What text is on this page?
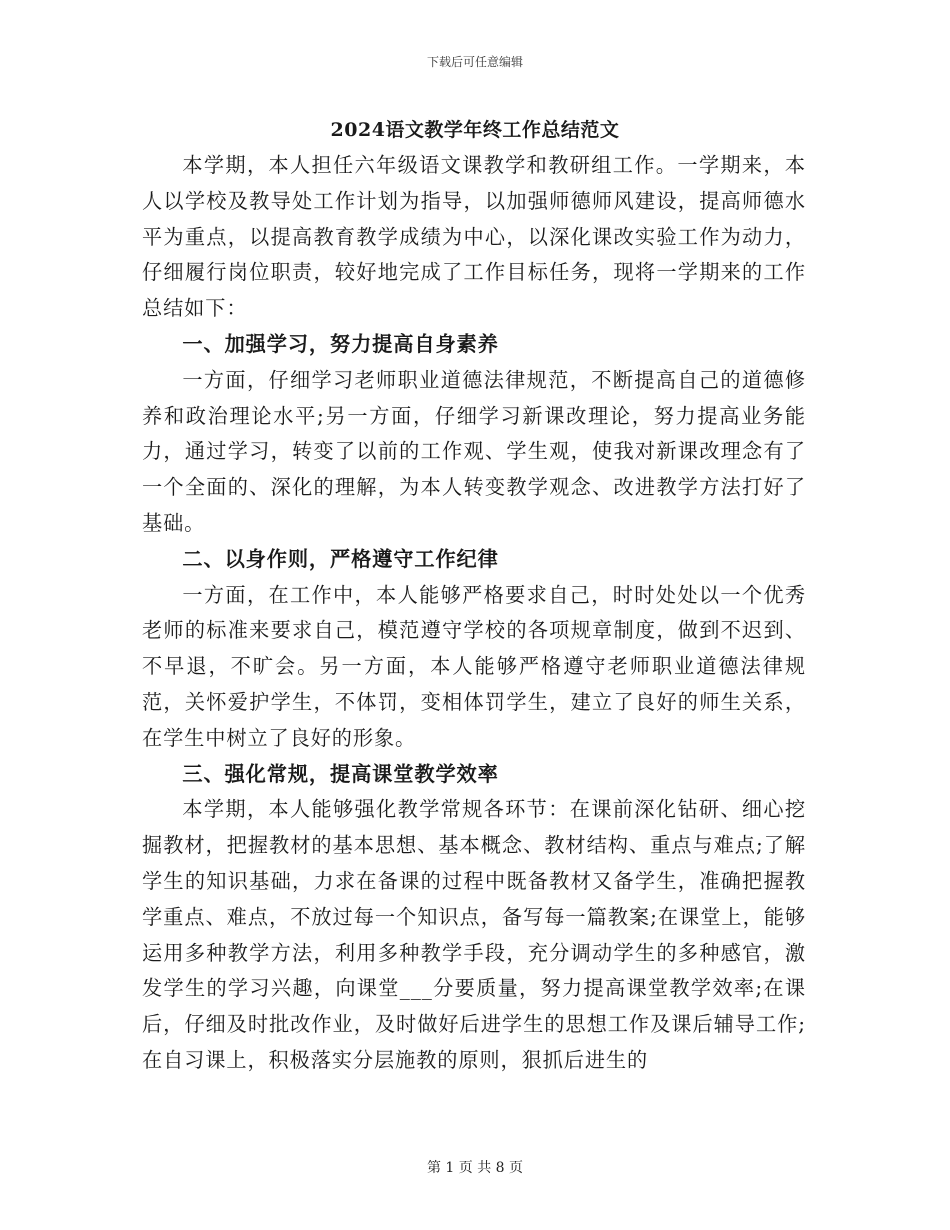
下载后可任意编辑
2024语文教学年终工作总结范文

本学期，本人担任六年级语文课教学和教研组工作。一学期来，本人以学校及教导处工作计划为指导，以加强师德师风建设，提高师德水平为重点，以提高教育教学成绩为中心，以深化课改实验工作为动力，仔细履行岗位职责，较好地完成了工作目标任务，现将一学期来的工作总结如下：

一、加强学习，努力提高自身素养

一方面，仔细学习老师职业道德法律规范，不断提高自己的道德修养和政治理论水平;另一方面，仔细学习新课改理论，努力提高业务能力，通过学习，转变了以前的工作观、学生观，使我对新课改理念有了一个全面的、深化的理解，为本人转变教学观念、改进教学方法打好了基础。

二、以身作则，严格遵守工作纪律

一方面，在工作中，本人能够严格要求自己，时时处处以一个优秀老师的标准来要求自己，模范遵守学校的各项规章制度，做到不迟到、不早退，不旷会。另一方面，本人能够严格遵守老师职业道德法律规范，关怀爱护学生，不体罚，变相体罚学生，建立了良好的师生关系，在学生中树立了良好的形象。

三、强化常规，提高课堂教学效率

本学期，本人能够强化教学常规各环节：在课前深化钻研、细心挖掘教材，把握教材的基本思想、基本概念、教材结构、重点与难点;了解学生的知识基础，力求在备课的过程中既备教材又备学生，准确把握教学重点、难点，不放过每一个知识点，备写每一篇教案;在课堂上，能够运用多种教学方法，利用多种教学手段，充分调动学生的多种感官，激发学生的学习兴趣，向课堂___分要质量，努力提高课堂教学效率;在课后，仔细及时批改作业，及时做好后进学生的思想工作及课后辅导工作;在自习课上，积极落实分层施教的原则，狠抓后进生的

第 1 页 共 8 页
